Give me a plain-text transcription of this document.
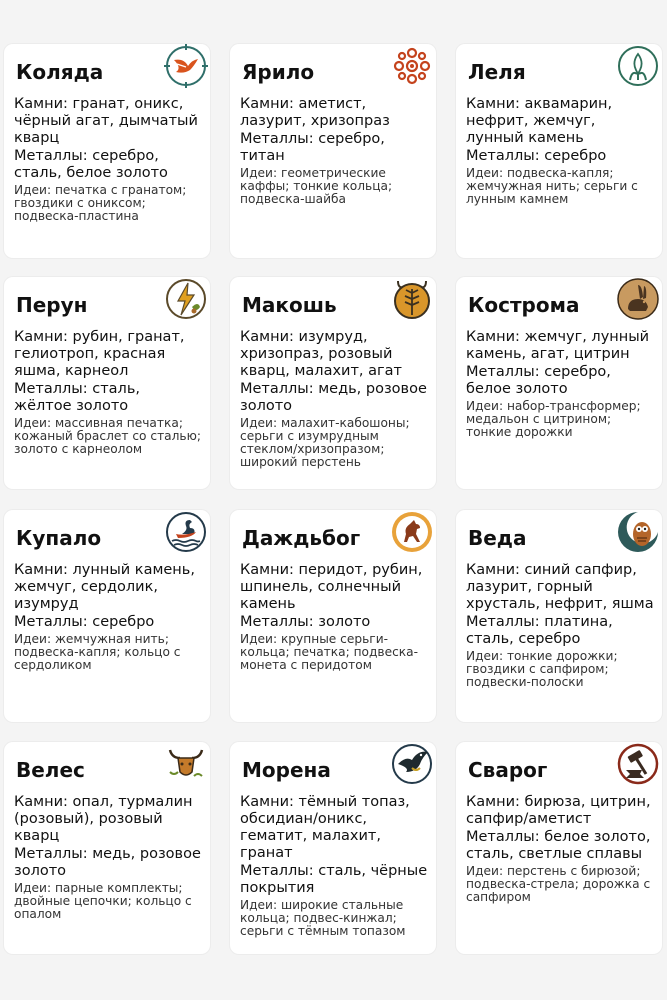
Коляда
Камни: гранат, оникс, чёрный агат, дымчатый кварц
Металлы: серебро, сталь, белое золото
Идеи: печатка с гранатом; гвоздики с ониксом; подвеска-пластина
Ярило
Камни: аметист, лазурит, хризопраз
Металлы: серебро, титан
Идеи: геометрические каффы; тонкие кольца; подвеска-шайба
Леля
Камни: аквамарин, нефрит, жемчуг, лунный камень
Металлы: серебро
Идеи: подвеска-капля; жемчужная нить; серьги с лунным камнем
Перун
Камни: рубин, гранат, гелиотроп, красная яшма, карнеол
Металлы: сталь, жёлтое золото
Идеи: массивная печатка; кожаный браслет со сталью; золото с карнеолом
Макошь
Камни: изумруд, хризопраз, розовый кварц, малахит, агат
Металлы: медь, розовое золото
Идеи: малахит-кабошоны; серьги с изумрудным стеклом/хризопразом; широкий перстень
Кострома
Камни: жемчуг, лунный камень, агат, цитрин
Металлы: серебро, белое золото
Идеи: набор-трансформер; медальон с цитрином; тонкие дорожки
Купало
Камни: лунный камень, жемчуг, сердолик, изумруд
Металлы: серебро
Идеи: жемчужная нить; подвеска-капля; кольцо с сердоликом
Даждьбог
Камни: перидот, рубин, шпинель, солнечный камень
Металлы: золото
Идеи: крупные серьги-кольца; печатка; подвеска-монета с перидотом
Веда
Камни: синий сапфир, лазурит, горный хрусталь, нефрит, яшма
Металлы: платина, сталь, серебро
Идеи: тонкие дорожки; гвоздики с сапфиром; подвески-полоски
Велес
Камни: опал, турмалин (розовый), розовый кварц
Металлы: медь, розовое золото
Идеи: парные комплекты; двойные цепочки; кольцо с опалом
Морена
Камни: тёмный топаз, обсидиан/оникс, гематит, малахит, гранат
Металлы: сталь, чёрные покрытия
Идеи: широкие стальные кольца; подвес-кинжал; серьги с тёмным топазом
Сварог
Камни: бирюза, цитрин, сапфир/аметист
Металлы: белое золото, сталь, светлые сплавы
Идеи: перстень с бирюзой; подвеска-стрела; дорожка с сапфиром
